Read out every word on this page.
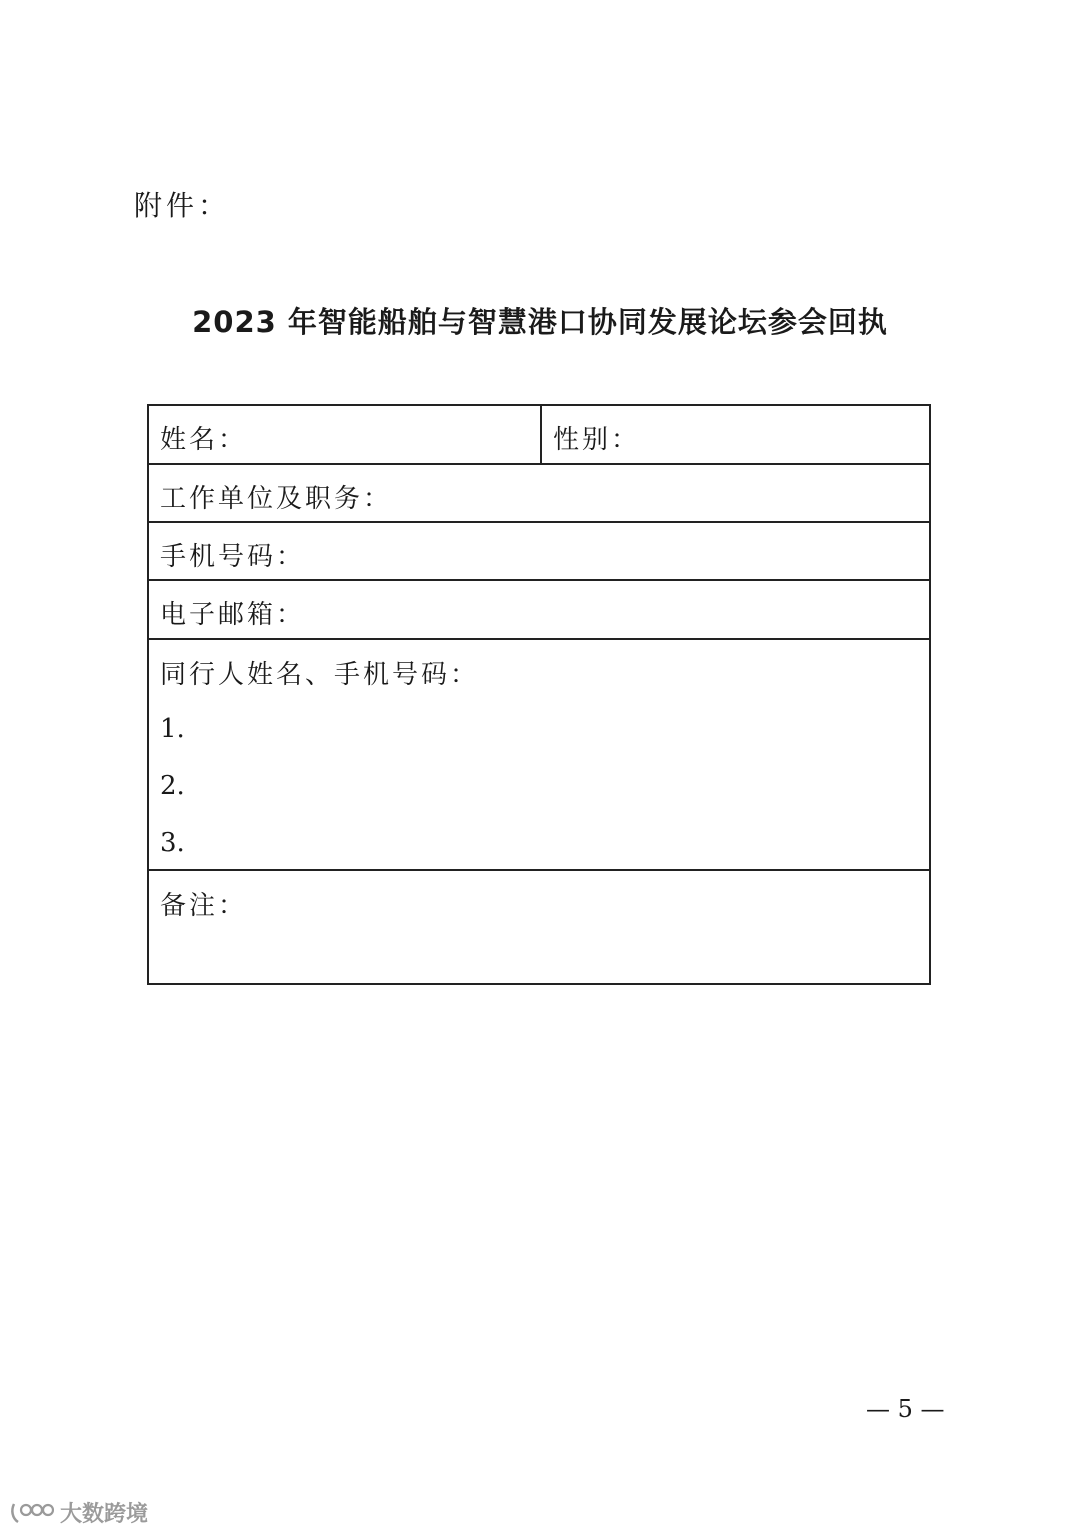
附件：
2023 年智能船舶与智慧港口协同发展论坛参会回执
姓名：	性别：
工作单位及职务：
手机号码：
电子邮箱：
同行人姓名、手机号码：
1.
2.
3.
备注：
— 5 —
大数跨境
